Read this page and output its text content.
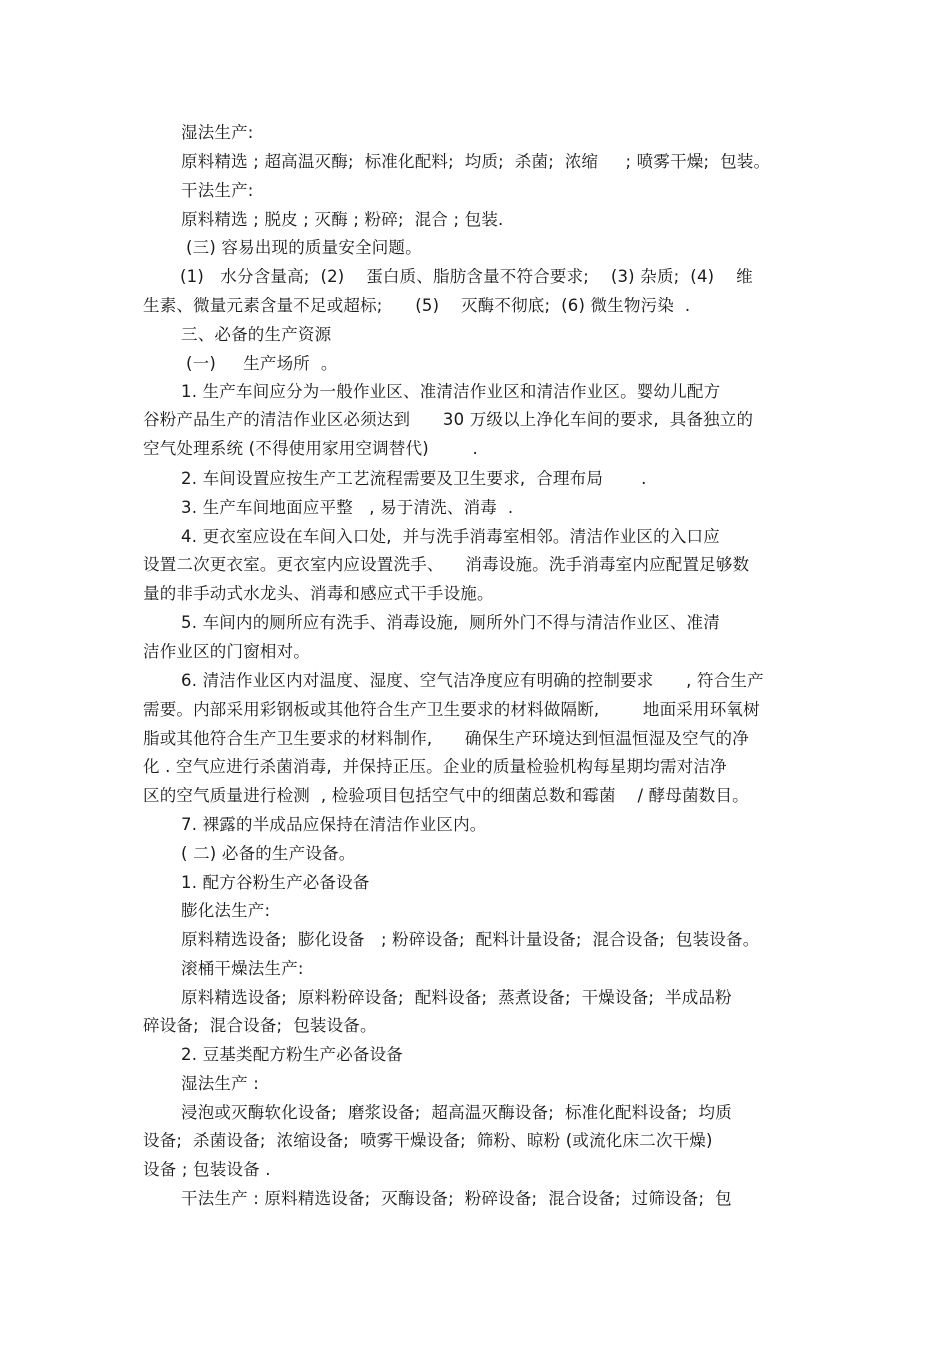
湿法生产:
原料精选 ; 超高温灭酶;  标准化配料;  均质;  杀菌;  浓缩     ; 喷雾干燥;  包装。
干法生产:
原料精选 ; 脱皮 ; 灭酶 ; 粉碎;  混合 ; 包装.
(三) 容易出现的质量安全问题。
(1)   水分含量高;  (2)    蛋白质、脂肪含量不符合要求;    (3) 杂质;  (4)    维
生素、微量元素含量不足或超标;      (5)    灭酶不彻底;  (6) 微生物污染  .
三、必备的生产资源
(一)     生产场所  。
1. 生产车间应分为一般作业区、准清洁作业区和清洁作业区。婴幼儿配方
谷粉产品生产的清洁作业区必须达到      30 万级以上净化车间的要求,  具备独立的
空气处理系统 (不得使用家用空调替代)        .
2. 车间设置应按生产工艺流程需要及卫生要求,  合理布局       .
3. 生产车间地面应平整   , 易于清洗、消毒  .
4. 更衣室应设在车间入口处,  并与洗手消毒室相邻。清洁作业区的入口应
设置二次更衣室。更衣室内应设置洗手、    消毒设施。洗手消毒室内应配置足够数
量的非手动式水龙头、消毒和感应式干手设施。
5. 车间内的厕所应有洗手、消毒设施,  厕所外门不得与清洁作业区、准清
洁作业区的门窗相对。
6. 清洁作业区内对温度、湿度、空气洁净度应有明确的控制要求      , 符合生产
需要。内部采用彩钢板或其他符合生产卫生要求的材料做隔断,        地面采用环氧树
脂或其他符合生产卫生要求的材料制作,      确保生产环境达到恒温恒湿及空气的净
化 . 空气应进行杀菌消毒,  并保持正压。企业的质量检验机构每星期均需对洁净
区的空气质量进行检测  , 检验项目包括空气中的细菌总数和霉菌    / 酵母菌数目。
7. 裸露的半成品应保持在清洁作业区内。
( 二) 必备的生产设备。
1. 配方谷粉生产必备设备
膨化法生产:
原料精选设备;  膨化设备   ; 粉碎设备;  配料计量设备;  混合设备;  包装设备。
滚桶干燥法生产:
原料精选设备;  原料粉碎设备;  配料设备;  蒸煮设备;  干燥设备;  半成品粉
碎设备;  混合设备;  包装设备。
2. 豆基类配方粉生产必备设备
湿法生产 :
浸泡或灭酶软化设备;  磨浆设备;  超高温灭酶设备;  标准化配料设备;  均质
设备;  杀菌设备;  浓缩设备;  喷雾干燥设备;  筛粉、晾粉 (或流化床二次干燥)
设备 ; 包装设备 .
干法生产 : 原料精选设备;  灭酶设备;  粉碎设备;  混合设备;  过筛设备;  包
